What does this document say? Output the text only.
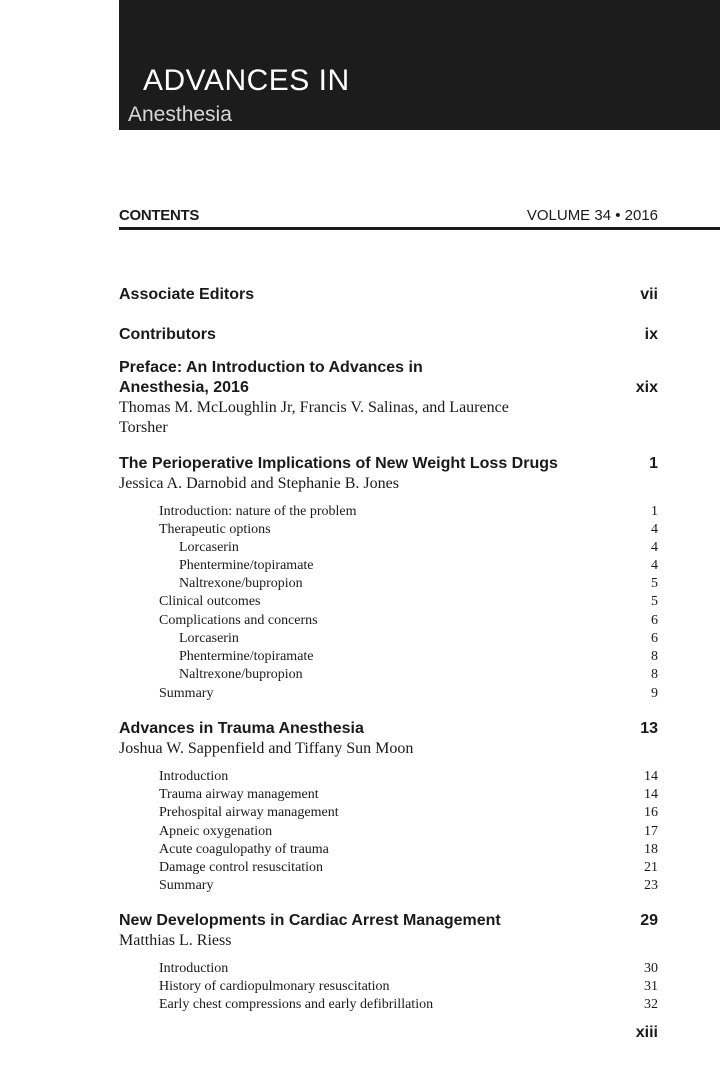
ADVANCES IN
Anesthesia
CONTENTS	VOLUME 34 • 2016
Associate Editors	vii
Contributors	ix
Preface: An Introduction to Advances in
Anesthesia, 2016	xix
Thomas M. McLoughlin Jr, Francis V. Salinas, and Laurence
Torsher
The Perioperative Implications of New Weight Loss Drugs	1
Jessica A. Darnobid and Stephanie B. Jones
Introduction: nature of the problem	1
Therapeutic options	4
Lorcaserin	4
Phentermine/topiramate	4
Naltrexone/bupropion	5
Clinical outcomes	5
Complications and concerns	6
Lorcaserin	6
Phentermine/topiramate	8
Naltrexone/bupropion	8
Summary	9
Advances in Trauma Anesthesia	13
Joshua W. Sappenfield and Tiffany Sun Moon
Introduction	14
Trauma airway management	14
Prehospital airway management	16
Apneic oxygenation	17
Acute coagulopathy of trauma	18
Damage control resuscitation	21
Summary	23
New Developments in Cardiac Arrest Management	29
Matthias L. Riess
Introduction	30
History of cardiopulmonary resuscitation	31
Early chest compressions and early defibrillation	32
xiii
